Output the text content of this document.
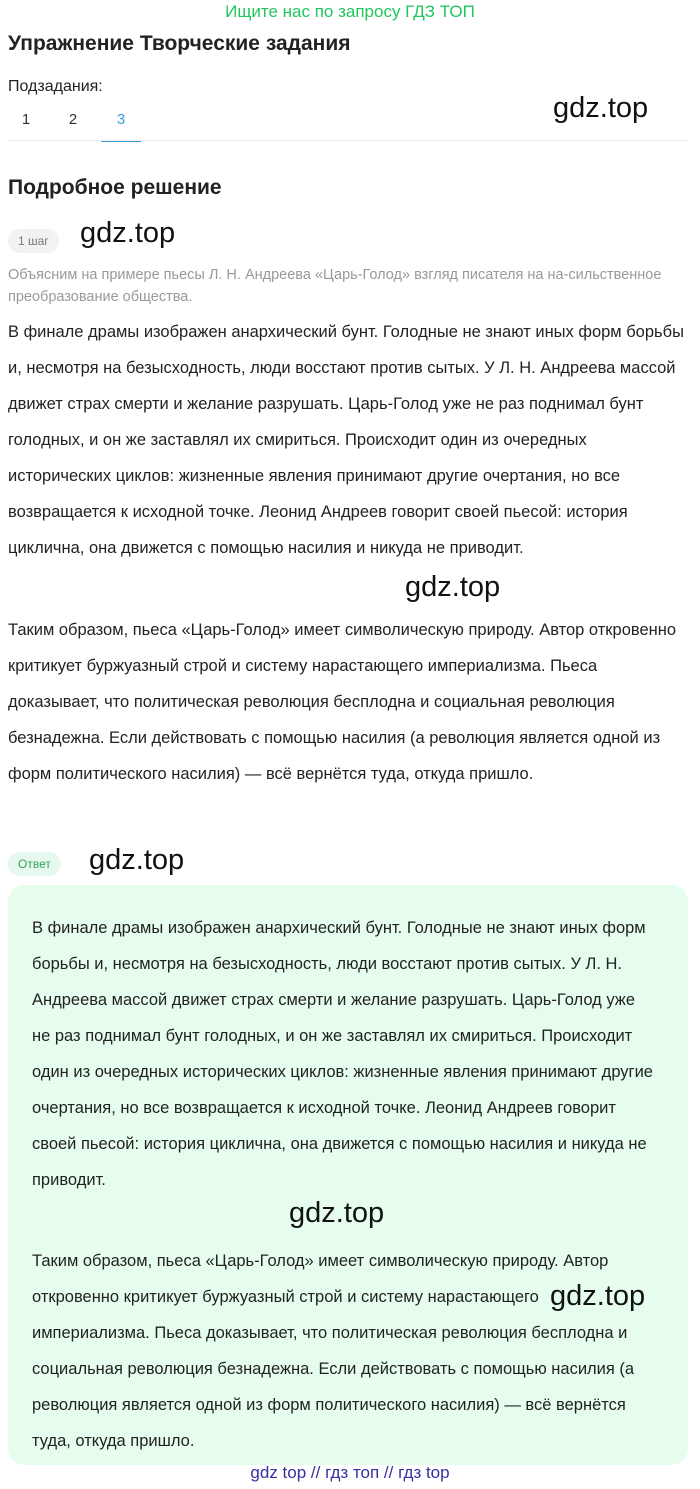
Ищите нас по запросу ГДЗ ТОП
Упражнение Творческие задания
Подзадания:
1	2	3	gdz.top
Подробное решение
1 шаг	gdz.top
Объясним на примере пьесы Л. Н. Андреева «Царь-Голод» взгляд писателя на на-сильственное преобразование общества.
В финале драмы изображен анархический бунт. Голодные не знают иных форм борьбы и, несмотря на безысходность, люди восстают против сытых. У Л. Н. Андреева массой движет страх смерти и желание разрушать. Царь-Голод уже не раз поднимал бунт голодных, и он же заставлял их смириться. Происходит один из очередных исторических циклов: жизненные явления принимают другие очертания, но все возвращается к исходной точке. Леонид Андреев говорит своей пьесой: история циклична, она движется с помощью насилия и никуда не приводит.
gdz.top
Таким образом, пьеса «Царь-Голод» имеет символическую природу. Автор откровенно критикует буржуазный строй и систему нарастающего империализма. Пьеса доказывает, что политическая революция бесплодна и социальная революция безнадежна. Если действовать с помощью насилия (а революция является одной из форм политического насилия) — всё вернётся туда, откуда пришло.
Ответ	gdz.top
В финале драмы изображен анархический бунт. Голодные не знают иных форм борьбы и, несмотря на безысходность, люди восстают против сытых. У Л. Н. Андреева массой движет страх смерти и желание разрушать. Царь-Голод уже не раз поднимал бунт голодных, и он же заставлял их смириться. Происходит один из очередных исторических циклов: жизненные явления принимают другие очертания, но все возвращается к исходной точке. Леонид Андреев говорит своей пьесой: история циклична, она движется с помощью насилия и никуда не приводит.
gdz.top
Таким образом, пьеса «Царь-Голод» имеет символическую природу. Автор откровенно критикует буржуазный строй и систему нарастающего империализма. Пьеса доказывает, что политическая революция бесплодна и социальная революция безнадежна. Если действовать с помощью насилия (а революция является одной из форм политического насилия) — всё вернётся туда, откуда пришло.
gdz.top
gdz top // гдз топ // гдз top
